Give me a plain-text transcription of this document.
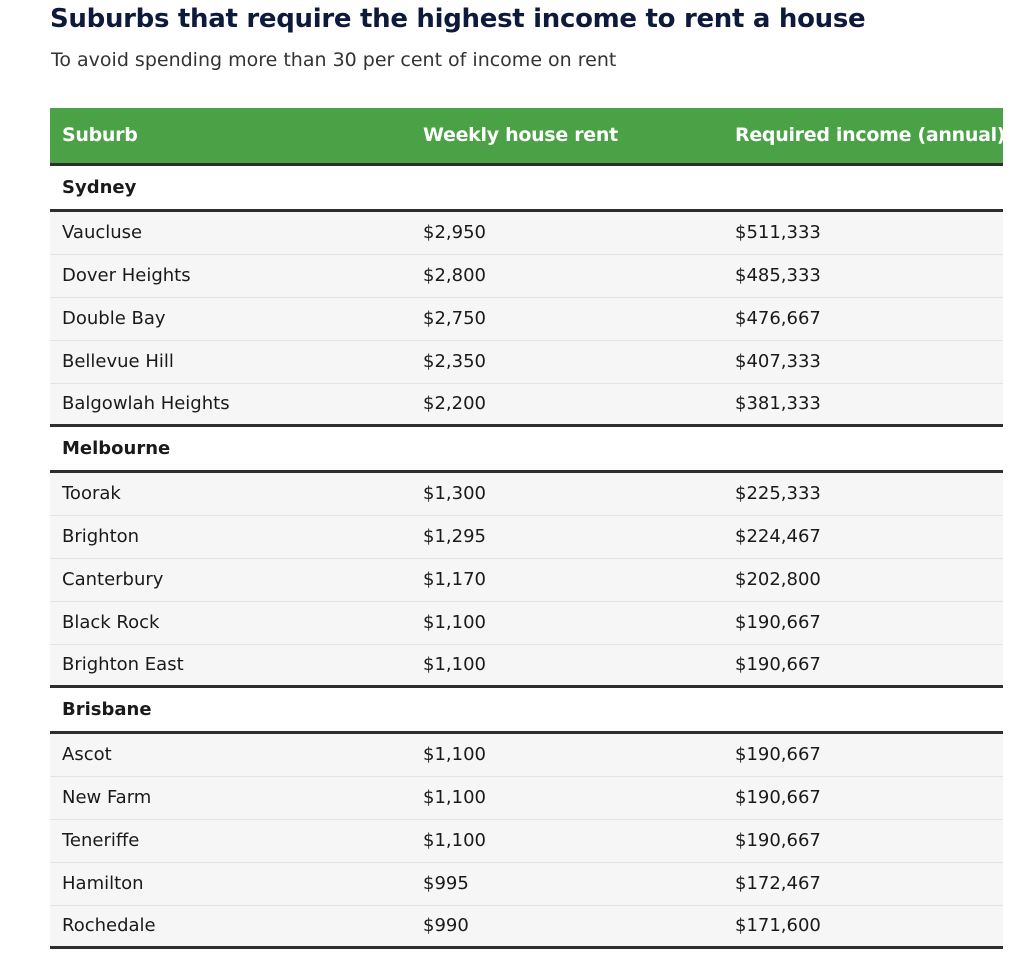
Suburbs that require the highest income to rent a house

To avoid spending more than 30 per cent of income on rent

Suburb	Weekly house rent	Required income (annual)
Sydney
Vaucluse	$2,950	$511,333
Dover Heights	$2,800	$485,333
Double Bay	$2,750	$476,667
Bellevue Hill	$2,350	$407,333
Balgowlah Heights	$2,200	$381,333
Melbourne
Toorak	$1,300	$225,333
Brighton	$1,295	$224,467
Canterbury	$1,170	$202,800
Black Rock	$1,100	$190,667
Brighton East	$1,100	$190,667
Brisbane
Ascot	$1,100	$190,667
New Farm	$1,100	$190,667
Teneriffe	$1,100	$190,667
Hamilton	$995	$172,467
Rochedale	$990	$171,600
